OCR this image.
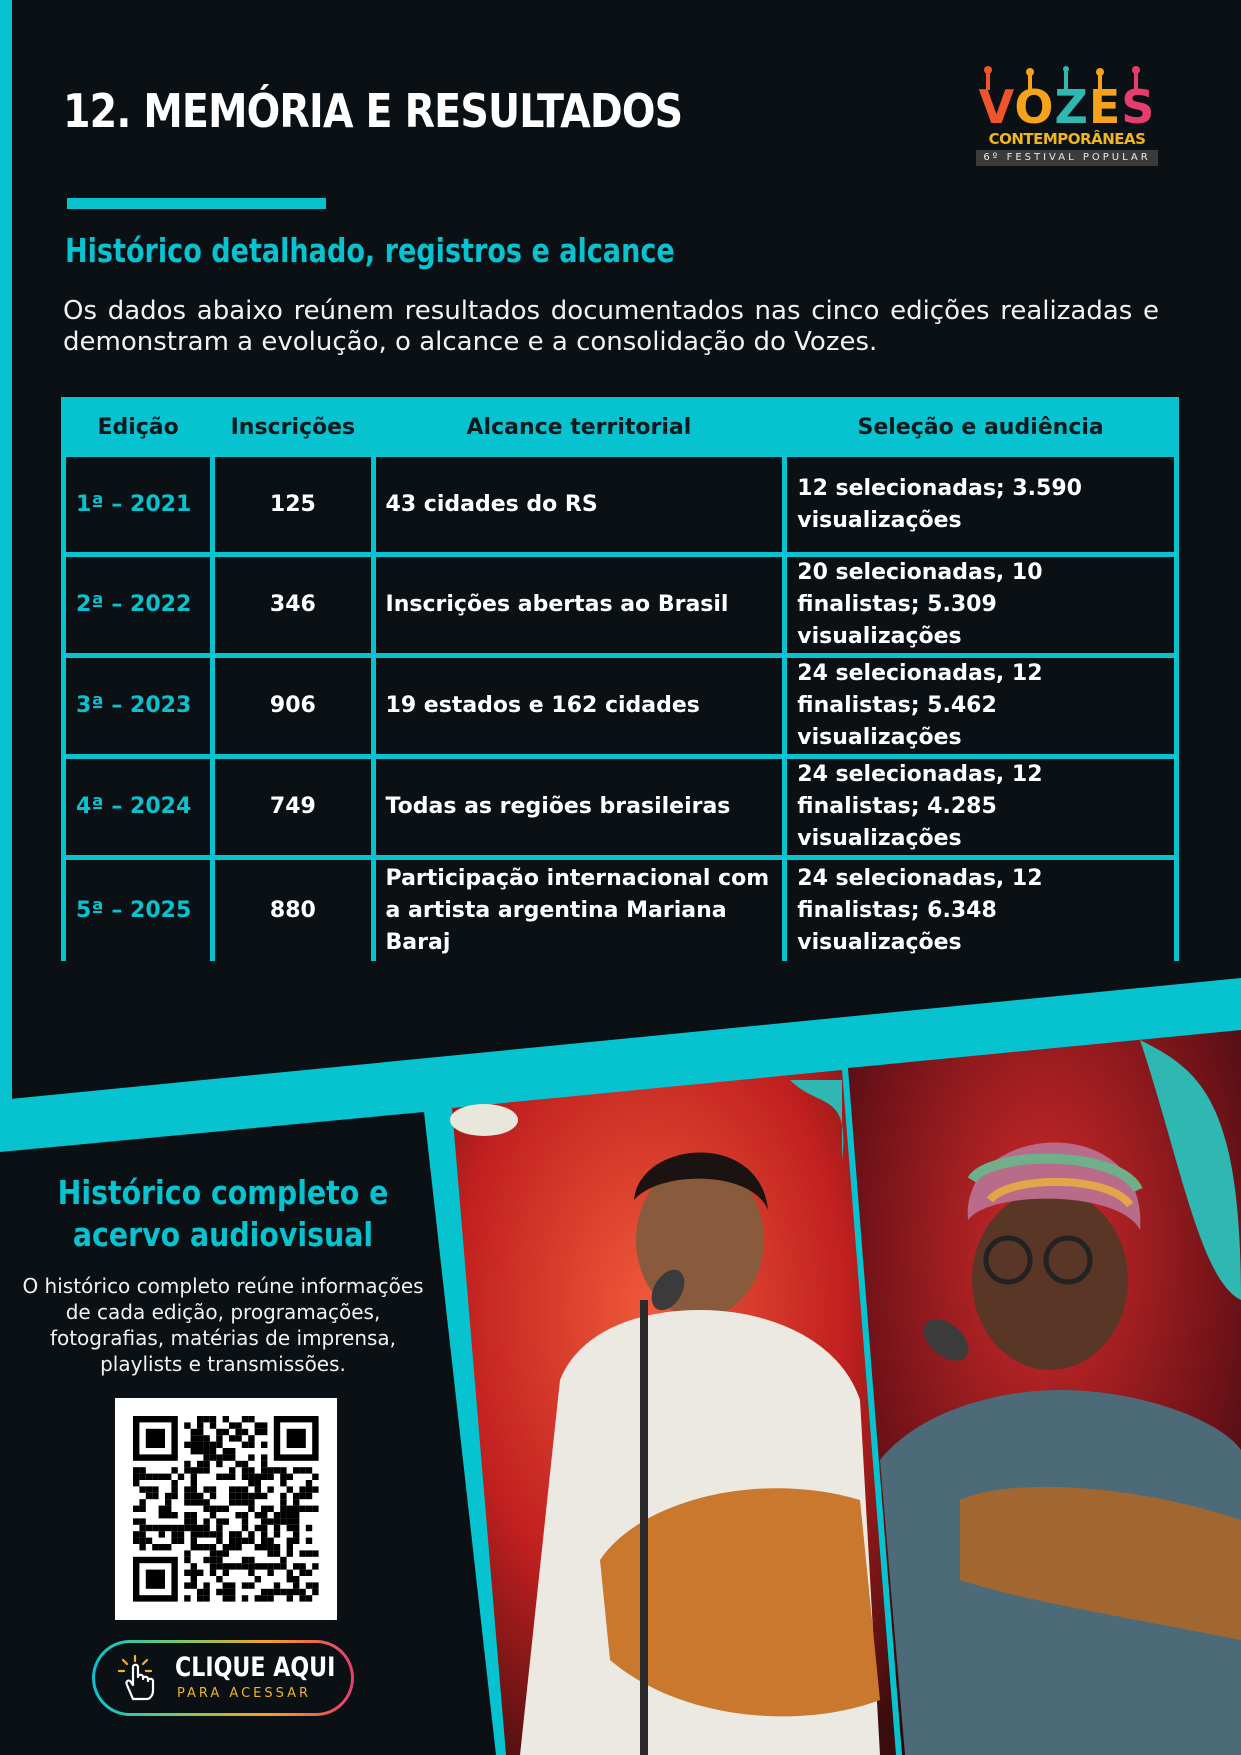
12. MEMÓRIA E RESULTADOS
Histórico detalhado, registros e alcance

Os dados abaixo reúnem resultados documentados nas cinco edições realizadas e demonstram a evolução, o alcance e a consolidação do Vozes.

VOZES
CONTEMPORÂNEAS
6º FESTIVAL POPULAR
Edição	Inscrições	Alcance territorial	Seleção e audiência
1ª – 2021	125	43 cidades do RS	12 selecionadas; 3.590 visualizações
2ª – 2022	346	Inscrições abertas ao Brasil	20 selecionadas, 10 finalistas; 5.309 visualizações
3ª – 2023	906	19 estados e 162 cidades	24 selecionadas, 12 finalistas; 5.462 visualizações
4ª – 2024	749	Todas as regiões brasileiras	24 selecionadas, 12 finalistas; 4.285 visualizações
5ª – 2025	880	Participação internacional com a artista argentina Mariana Baraj	24 selecionadas, 12 finalistas; 6.348 visualizações
Histórico completo e acervo audiovisual

O histórico completo reúne informações de cada edição, programações, fotografias, matérias de imprensa, playlists e transmissões.

CLIQUE AQUI
PARA ACESSAR
